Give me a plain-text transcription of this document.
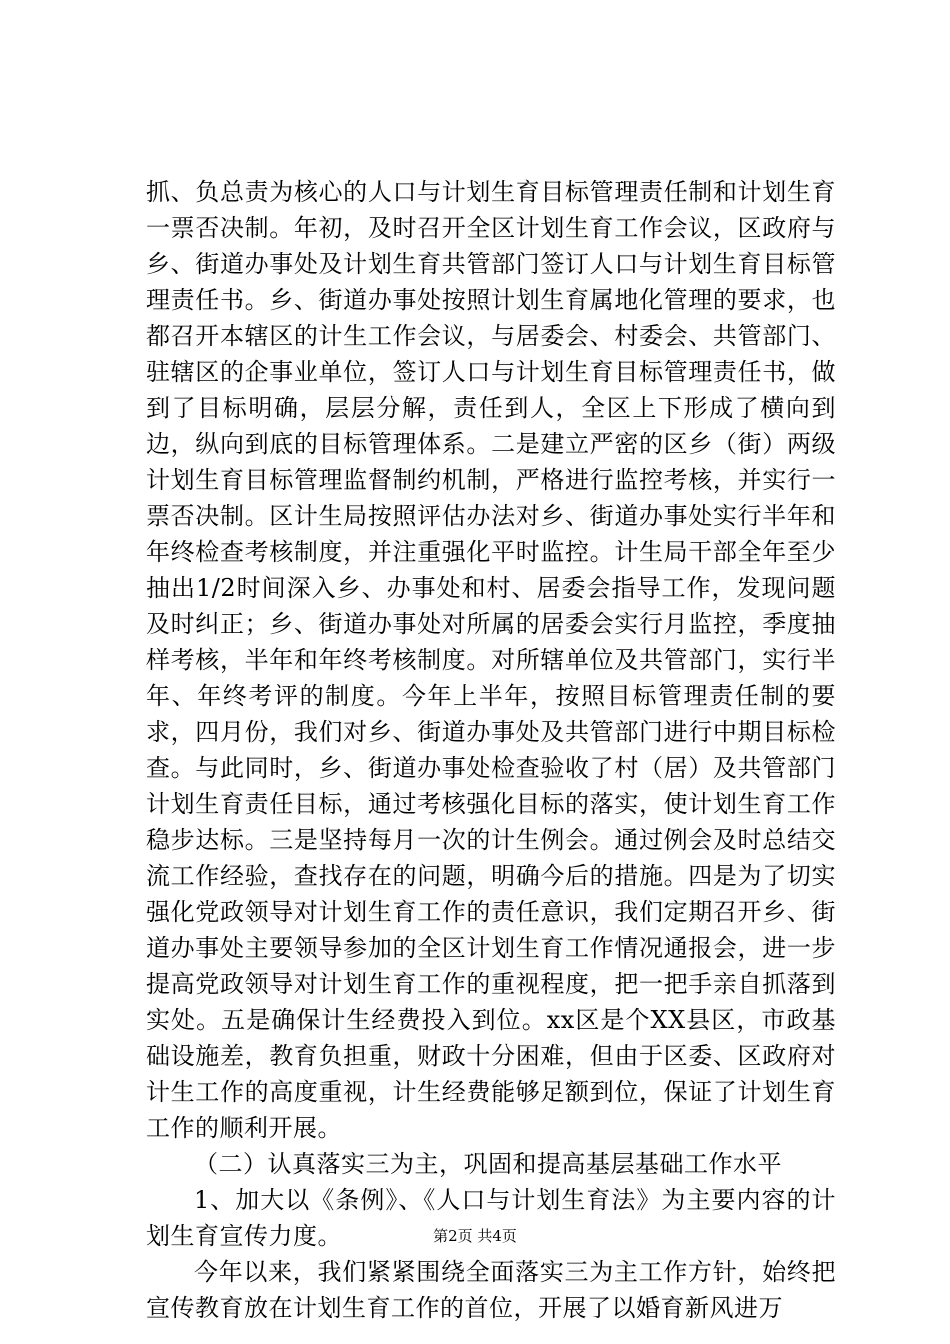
抓、负总责为核心的人口与计划生育目标管理责任制和计划生育一票否决制。年初，及时召开全区计划生育工作会议，区政府与乡、街道办事处及计划生育共管部门签订人口与计划生育目标管理责任书。乡、街道办事处按照计划生育属地化管理的要求，也都召开本辖区的计生工作会议，与居委会、村委会、共管部门、驻辖区的企事业单位，签订人口与计划生育目标管理责任书，做到了目标明确，层层分解，责任到人，全区上下形成了横向到边，纵向到底的目标管理体系。二是建立严密的区乡（街）两级计划生育目标管理监督制约机制，严格进行监控考核，并实行一票否决制。区计生局按照评估办法对乡、街道办事处实行半年和年终检查考核制度，并注重强化平时监控。计生局干部全年至少抽出1/2时间深入乡、办事处和村、居委会指导工作，发现问题及时纠正；乡、街道办事处对所属的居委会实行月监控，季度抽样考核，半年和年终考核制度。对所辖单位及共管部门，实行半年、年终考评的制度。今年上半年，按照目标管理责任制的要求，四月份，我们对乡、街道办事处及共管部门进行中期目标检查。与此同时，乡、街道办事处检查验收了村（居）及共管部门计划生育责任目标，通过考核强化目标的落实，使计划生育工作稳步达标。三是坚持每月一次的计生例会。通过例会及时总结交流工作经验，查找存在的问题，明确今后的措施。四是为了切实强化党政领导对计划生育工作的责任意识，我们定期召开乡、街道办事处主要领导参加的全区计划生育工作情况通报会，进一步提高党政领导对计划生育工作的重视程度，把一把手亲自抓落到实处。五是确保计生经费投入到位。xx区是个XX县区，市政基础设施差，教育负担重，财政十分困难，但由于区委、区政府对计生工作的高度重视，计生经费能够足额到位，保证了计划生育工作的顺利开展。

（二）认真落实三为主，巩固和提高基层基础工作水平

1、加大以《条例》、《人口与计划生育法》为主要内容的计划生育宣传力度。

今年以来，我们紧紧围绕全面落实三为主工作方针，始终把宣传教育放在计划生育工作的首位，开展了以婚育新风进万

第2页 共4页
